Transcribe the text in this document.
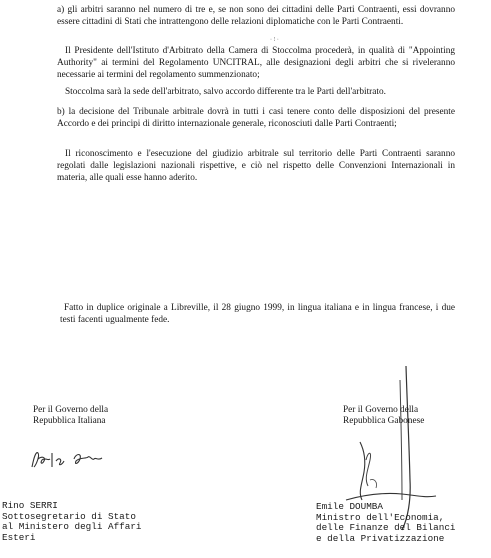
a) gli arbitri saranno nel numero di tre e, se non sono dei cittadini delle Parti Contraenti, essi dovranno essere cittadini di Stati che intrattengono delle relazioni diplomatiche con le Parti Contraenti.

· ⁝ ·

Il Presidente dell'Istituto d'Arbitrato della Camera di Stoccolma procederà, in qualità di "Appointing Authority" ai termini del Regolamento UNCITRAL, alle designazioni degli arbitri che si riveleranno necessarie ai termini del regolamento summenzionato;

Stoccolma sarà la sede dell'arbitrato, salvo accordo differente tra le Parti dell'arbitrato.

b) la decisione del Tribunale arbitrale dovrà in tutti i casi tenere conto delle disposizioni del presente Accordo e dei principi di diritto internazionale generale, riconosciuti dalle Parti Contraenti;

Il riconoscimento e l'esecuzione del giudizio arbitrale sul territorio delle Parti Contraenti saranno regolati dalle legislazioni nazionali rispettive, e ciò nel rispetto delle Convenzioni Internazionali in materia, alle quali esse hanno aderito.

Fatto in duplice originale a Libreville, il 28 giugno 1999, in lingua italiana e in lingua francese, i due testi facenti ugualmente fede.

Per il Governo della
Repubblica Italiana
Rino SERRI
Sottosegretario di Stato
al Ministero degli Affari
Esteri
Per il Governo della
Repubblica Gabonese
Emile DOUMBA
Ministro dell'Economia,
delle Finanze del Bilanci
e della Privatizzazione
